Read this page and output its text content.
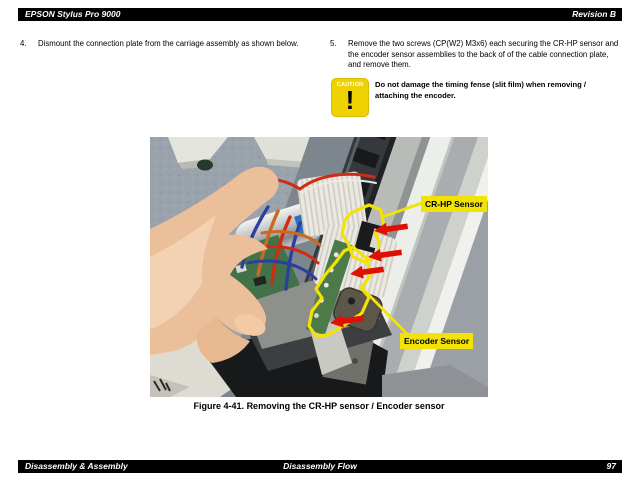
EPSON Stylus Pro 9000	Revision B
4. Dismount the connection plate from the carriage assembly as shown below.	5. Remove the two screws (CP(W2) M3x6) each securing the CR-HP sensor and the encoder sensor assemblies to the back of of the cable connection plate, and remove them.
CAUTION
!
Do not damage the timing fense (slit film) when removing /
attaching the encoder.
CR-HP Sensor
Encoder Sensor
Figure 4-41. Removing the CR-HP sensor / Encoder sensor
Disassembly & Assembly	Disassembly Flow	97
